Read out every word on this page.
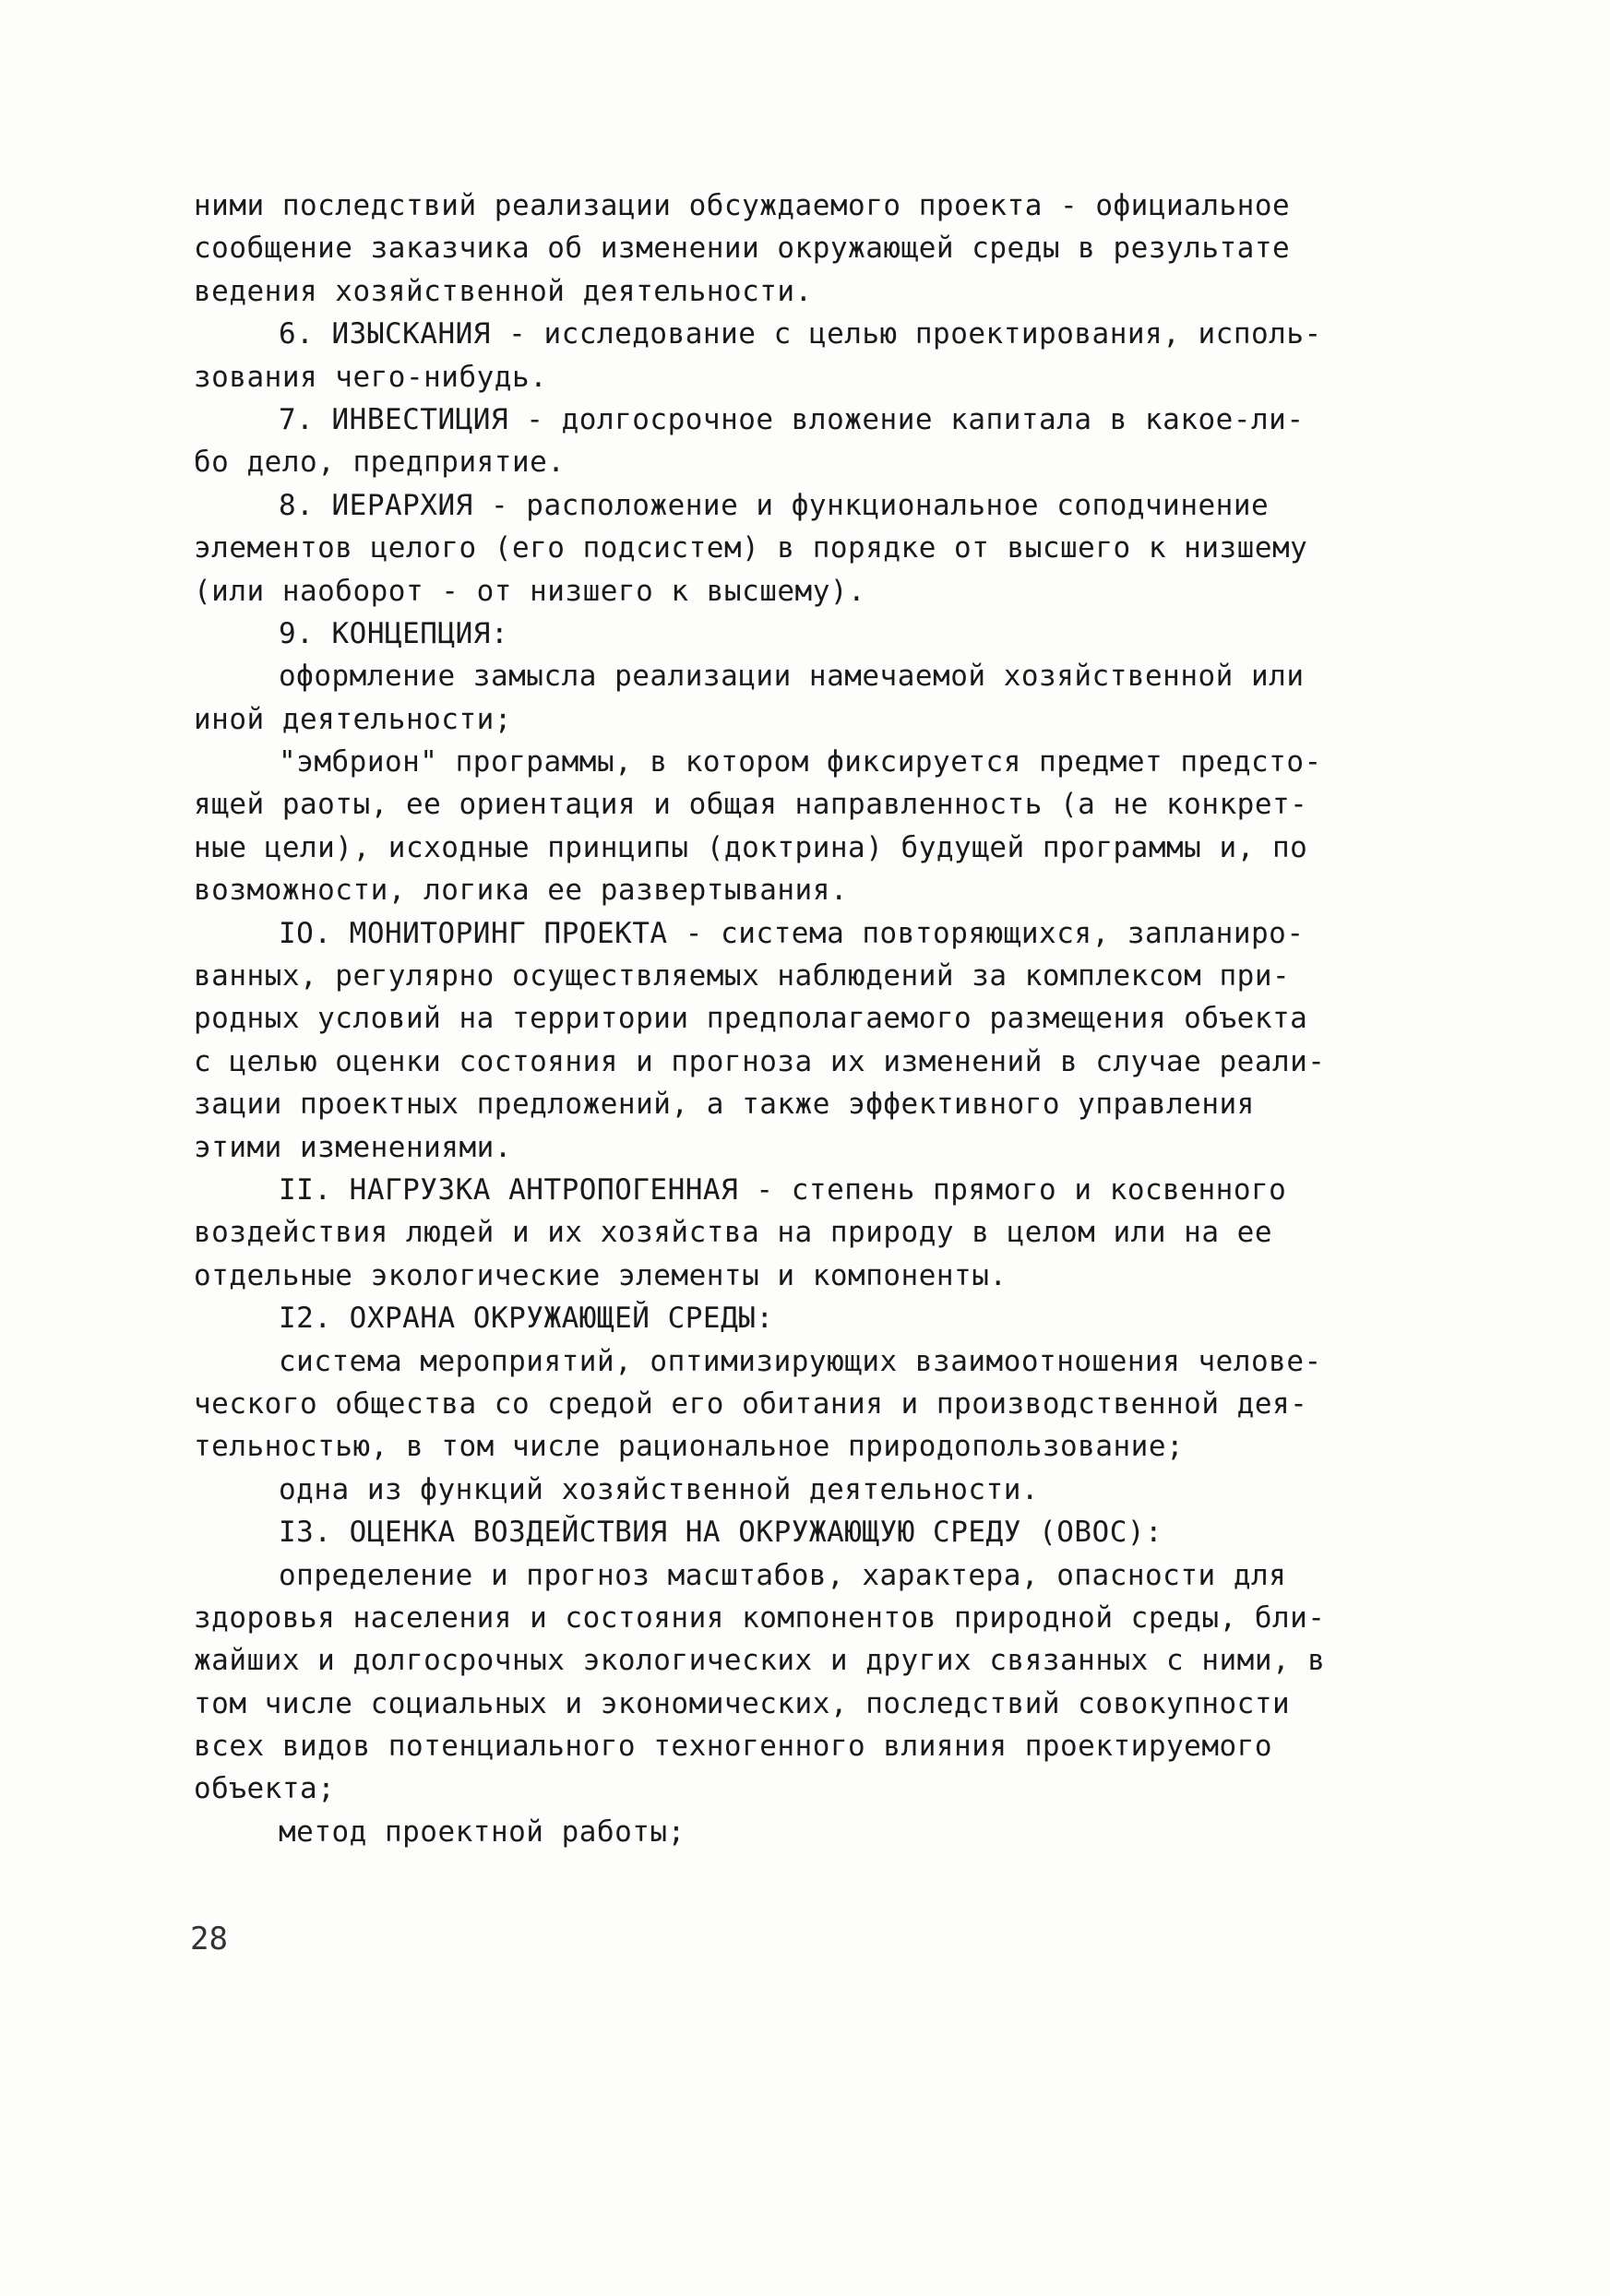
ними последствий реализации обсуждаемого проекта - официальное
сообщение заказчика об изменении окружающей среды в результате
ведения хозяйственной деятельности.
6. ИЗЫСКАНИЯ - исследование с целью проектирования, исполь-
зования чего-нибудь.
7. ИНВЕСТИЦИЯ - долгосрочное вложение капитала в какое-ли-
бо дело, предприятие.
8. ИЕРАРХИЯ - расположение и функциональное соподчинение
элементов целого (его подсистем) в порядке от высшего к низшему
(или наоборот - от низшего к высшему).
9. КОНЦЕПЦИЯ:
оформление замысла реализации намечаемой хозяйственной или
иной деятельности;
"эмбрион" программы, в котором фиксируется предмет предсто-
ящей раоты, ее ориентация и общая направленность (а не конкрет-
ные цели), исходные принципы (доктрина) будущей программы и, по
возможности, логика ее развертывания.
IO. МОНИТОРИНГ ПРОЕКТА - система повторяющихся, запланиро-
ванных, регулярно осуществляемых наблюдений за комплексом при-
родных условий на территории предполагаемого размещения объекта
с целью оценки состояния и прогноза их изменений в случае реали-
зации проектных предложений, а также эффективного управления
этими изменениями.
II. НАГРУЗКА АНТРОПОГЕННАЯ - степень прямого и косвенного
воздействия людей и их хозяйства на природу в целом или на ее
отдельные экологические элементы и компоненты.
I2. ОХРАНА ОКРУЖАЮЩЕЙ СРЕДЫ:
система мероприятий, оптимизирующих взаимоотношения челове-
ческого общества со средой его обитания и производственной дея-
тельностью, в том числе рациональное природопользование;
одна из функций хозяйственной деятельности.
I3. ОЦЕНКА ВОЗДЕЙСТВИЯ НА ОКРУЖАЮЩУЮ СРЕДУ (ОВОС):
определение и прогноз масштабов, характера, опасности для
здоровья населения и состояния компонентов природной среды, бли-
жайших и долгосрочных экологических и других связанных с ними, в
том числе социальных и экономических, последствий совокупности
всех видов потенциального техногенного влияния проектируемого
объекта;
метод проектной работы;
28
